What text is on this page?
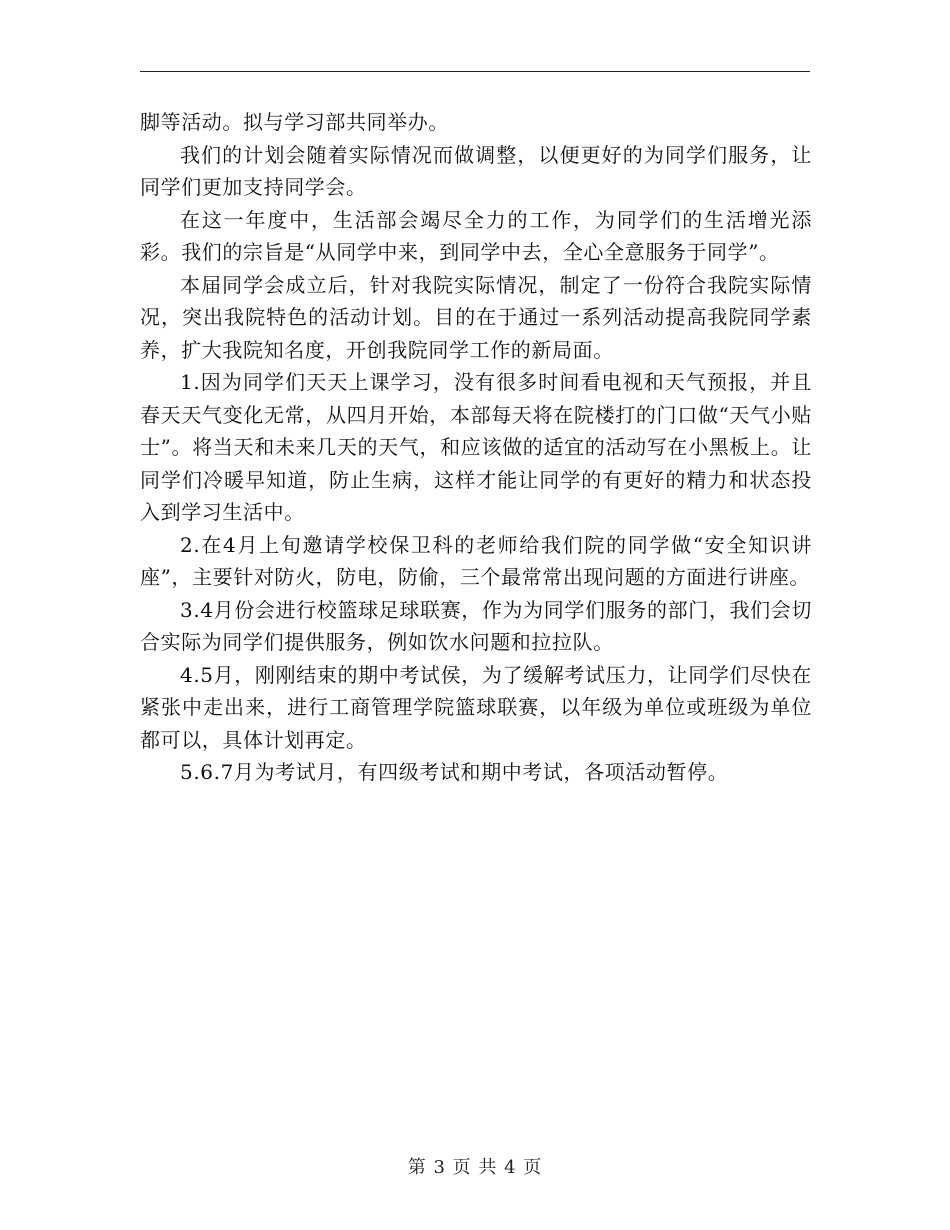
脚等活动。拟与学习部共同举办。

我们的计划会随着实际情况而做调整，以便更好的为同学们服务，让同学们更加支持同学会。

在这一年度中，生活部会竭尽全力的工作，为同学们的生活增光添彩。我们的宗旨是“从同学中来，到同学中去，全心全意服务于同学”。

本届同学会成立后，针对我院实际情况，制定了一份符合我院实际情况，突出我院特色的活动计划。目的在于通过一系列活动提高我院同学素养，扩大我院知名度，开创我院同学工作的新局面。

1.因为同学们天天上课学习，没有很多时间看电视和天气预报，并且春天天气变化无常，从四月开始，本部每天将在院楼打的门口做“天气小贴士”。将当天和未来几天的天气，和应该做的适宜的活动写在小黑板上。让同学们冷暖早知道，防止生病，这样才能让同学的有更好的精力和状态投入到学习生活中。

2.在4月上旬邀请学校保卫科的老师给我们院的同学做“安全知识讲座”，主要针对防火，防电，防偷，三个最常常出现问题的方面进行讲座。

3.4月份会进行校篮球足球联赛，作为为同学们服务的部门，我们会切合实际为同学们提供服务，例如饮水问题和拉拉队。

4.5月，刚刚结束的期中考试侯，为了缓解考试压力，让同学们尽快在紧张中走出来，进行工商管理学院篮球联赛，以年级为单位或班级为单位都可以，具体计划再定。

5.6.7月为考试月，有四级考试和期中考试，各项活动暂停。

第 3 页 共 4 页
